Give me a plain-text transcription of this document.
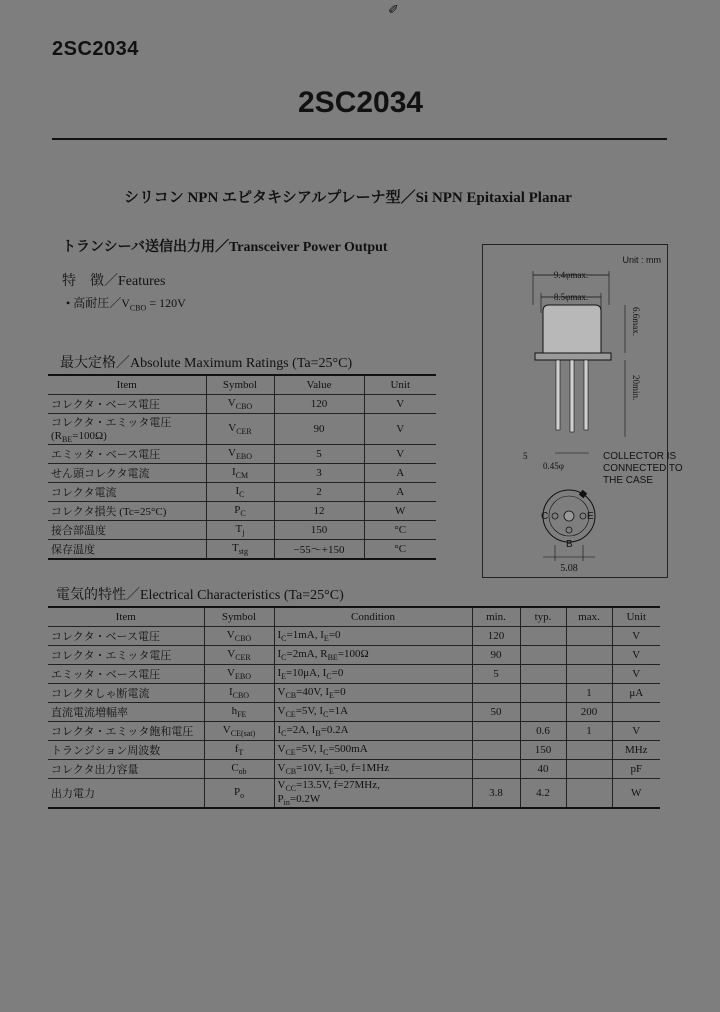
✐
2SC2034
2SC2034
シリコン NPN エピタキシアルプレーナ型／Si NPN Epitaxial Planar
トランシーバ送信出力用／Transceiver Power Output
特　徴／Features
• 高耐圧$/V_{CBO} = 120V$
最大定格／Absolute Maximum Ratings (Ta=25°C)
Item	Symbol	Value	Unit
コレクタ・ベース電圧	$V_{CBO}$	120	V
コレクタ・エミッタ電圧
$(R_{BE}=100\Omega)$	$V_{CER}$	90	V
エミッタ・ベース電圧	$V_{EBO}$	5	V
せん頭コレクタ電流	$I_{CM}$	3	A
コレクタ電流	$I_C$	2	A
コレクタ損失 (Tc=25°C)	$P_C$	12	W
接合部温度	$T_j$	150	°C
保存温度	$T_{stg}$	−55〜+150	°C
電気的特性／Electrical Characteristics (Ta=25°C)
Item	Symbol	Condition	min.	typ.	max.	Unit
コレクタ・ベース電圧	$V_{CBO}$	$I_C=1mA$, $I_E=0$	120			V
コレクタ・エミッタ電圧	$V_{CER}$	$I_C=2mA$, $R_{BE}=100\Omega$	90			V
エミッタ・ベース電圧	$V_{EBO}$	$I_E=10\mu A$, $I_C=0$	5			V
コレクタしゃ断電流	$I_{CBO}$	$V_{CB}=40V$, $I_E=0$			1	μA
直流電流増幅率	$h_{FE}$	$V_{CE}=5V$, $I_C=1A$	50		200	
コレクタ・エミッタ飽和電圧	$V_{CE(sat)}$	$I_C=2A$, $I_B=0.2A$		0.6	1	V
トランジション周波数	$f_T$	$V_{CE}=5V$, $I_C=500mA$		150		MHz
コレクタ出力容量	$C_{ob}$	$V_{CB}=10V$, $I_E=0$, f=1MHz		40		pF
出力電力	$P_o$	$V_{CC}=13.5V$, f=27MHz,
$P_{in}=0.2W$	3.8	4.2		W
Unit : mm
9.4φmax.
8.5φmax.
6.6max.
20min.
5
0.45φ
COLLECTOR IS
CONNECTED TO
THE CASE
C	E
B
5.08
